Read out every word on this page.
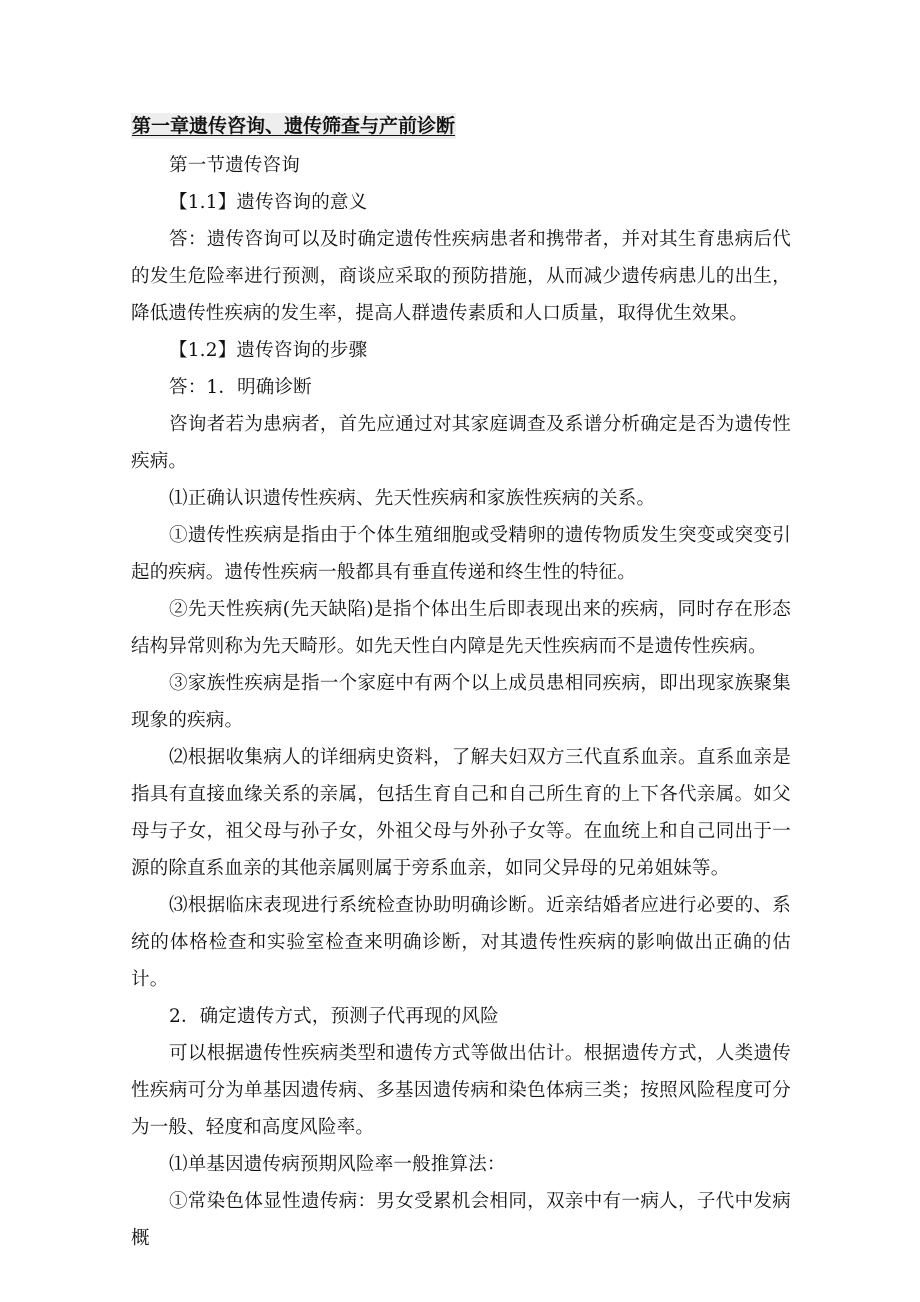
第一章遗传咨询、遗传筛查与产前诊断

第一节遗传咨询

【1.1】遗传咨询的意义

答：遗传咨询可以及时确定遗传性疾病患者和携带者，并对其生育患病后代的发生危险率进行预测，商谈应采取的预防措施，从而减少遗传病患儿的出生，降低遗传性疾病的发生率，提高人群遗传素质和人口质量，取得优生效果。

【1.2】遗传咨询的步骤

答：1．明确诊断

咨询者若为患病者，首先应通过对其家庭调查及系谱分析确定是否为遗传性疾病。

⑴正确认识遗传性疾病、先天性疾病和家族性疾病的关系。

①遗传性疾病是指由于个体生殖细胞或受精卵的遗传物质发生突变或突变引起的疾病。遗传性疾病一般都具有垂直传递和终生性的特征。

②先天性疾病(先天缺陷)是指个体出生后即表现出来的疾病，同时存在形态结构异常则称为先天畸形。如先天性白内障是先天性疾病而不是遗传性疾病。

③家族性疾病是指一个家庭中有两个以上成员患相同疾病，即出现家族聚集现象的疾病。

⑵根据收集病人的详细病史资料，了解夫妇双方三代直系血亲。直系血亲是指具有直接血缘关系的亲属，包括生育自己和自己所生育的上下各代亲属。如父母与子女，祖父母与孙子女，外祖父母与外孙子女等。在血统上和自己同出于一源的除直系血亲的其他亲属则属于旁系血亲，如同父异母的兄弟姐妹等。

⑶根据临床表现进行系统检查协助明确诊断。近亲结婚者应进行必要的、系统的体格检查和实验室检查来明确诊断，对其遗传性疾病的影响做出正确的估计。

2．确定遗传方式，预测子代再现的风险

可以根据遗传性疾病类型和遗传方式等做出估计。根据遗传方式，人类遗传性疾病可分为单基因遗传病、多基因遗传病和染色体病三类；按照风险程度可分为一般、轻度和高度风险率。

⑴单基因遗传病预期风险率一般推算法：

①常染色体显性遗传病：男女受累机会相同，双亲中有一病人，子代中发病概
